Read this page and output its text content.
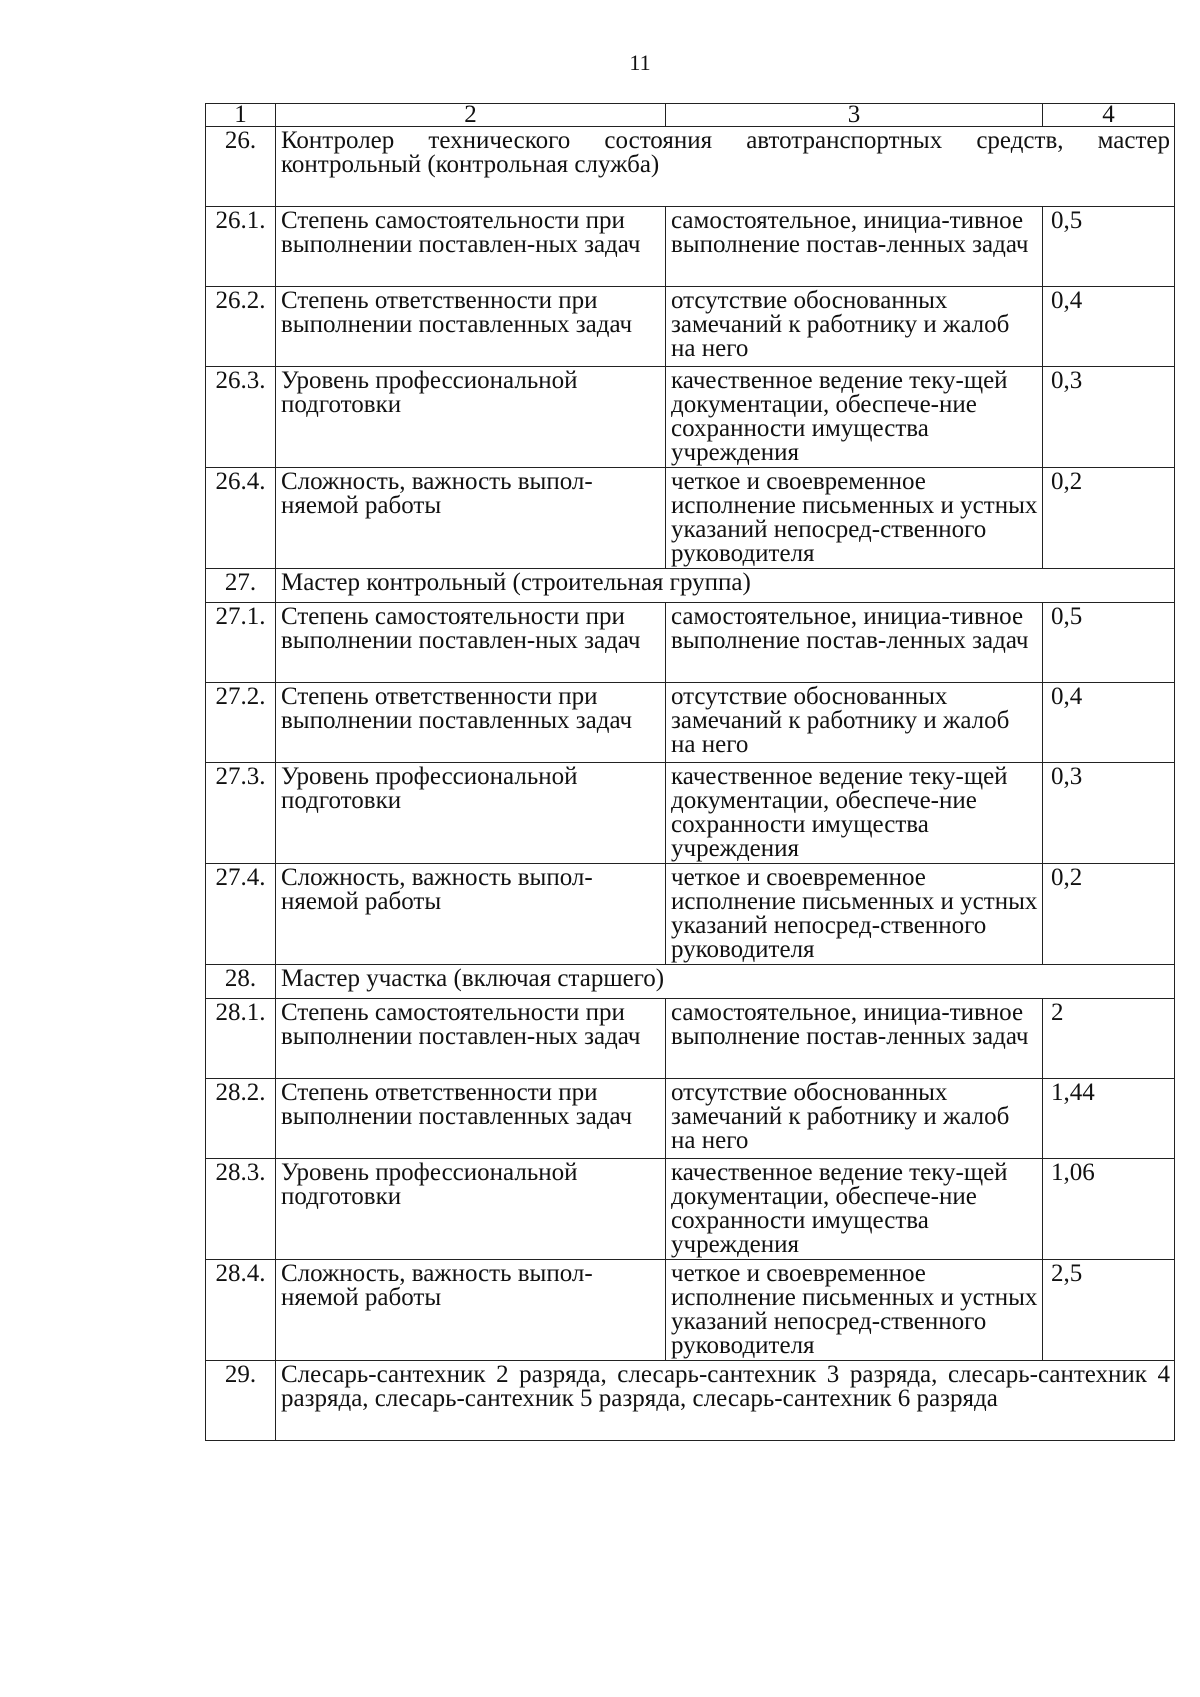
11
1	2	3	4
26.	Контролер технического состояния автотранспортных средств, мастер контрольный (контрольная служба)		
26.1.	Степень самостоятельности при выполнении поставлен-ных задач	самостоятельное, инициа-тивное выполнение постав-ленных задач	0,5
26.2.	Степень ответственности при выполнении поставленных задач	отсутствие обоснованных замечаний к работнику и жалоб на него	0,4
26.3.	Уровень профессиональной подготовки	качественное ведение теку-щей документации, обеспече-ние сохранности имущества учреждения	0,3
26.4.	Сложность, важность выпол-няемой работы	четкое и своевременное исполнение письменных и устных указаний непосред-ственного руководителя	0,2
27.	Мастер контрольный (строительная группа)		
27.1.	Степень самостоятельности при выполнении поставлен-ных задач	самостоятельное, инициа-тивное выполнение постав-ленных задач	0,5
27.2.	Степень ответственности при выполнении поставленных задач	отсутствие обоснованных замечаний к работнику и жалоб на него	0,4
27.3.	Уровень профессиональной подготовки	качественное ведение теку-щей документации, обеспече-ние сохранности имущества учреждения	0,3
27.4.	Сложность, важность выпол-няемой работы	четкое и своевременное исполнение письменных и устных указаний непосред-ственного руководителя	0,2
28.	Мастер участка (включая старшего)		
28.1.	Степень самостоятельности при выполнении поставлен-ных задач	самостоятельное, инициа-тивное выполнение постав-ленных задач	2
28.2.	Степень ответственности при выполнении поставленных задач	отсутствие обоснованных замечаний к работнику и жалоб на него	1,44
28.3.	Уровень профессиональной подготовки	качественное ведение теку-щей документации, обеспече-ние сохранности имущества учреждения	1,06
28.4.	Сложность, важность выпол-няемой работы	четкое и своевременное исполнение письменных и устных указаний непосред-ственного руководителя	2,5
29.	Слесарь-сантехник 2 разряда, слесарь-сантехник 3 разряда, слесарь-сантехник 4 разряда, слесарь-сантехник 5 разряда, слесарь-сантехник 6 разряда		
